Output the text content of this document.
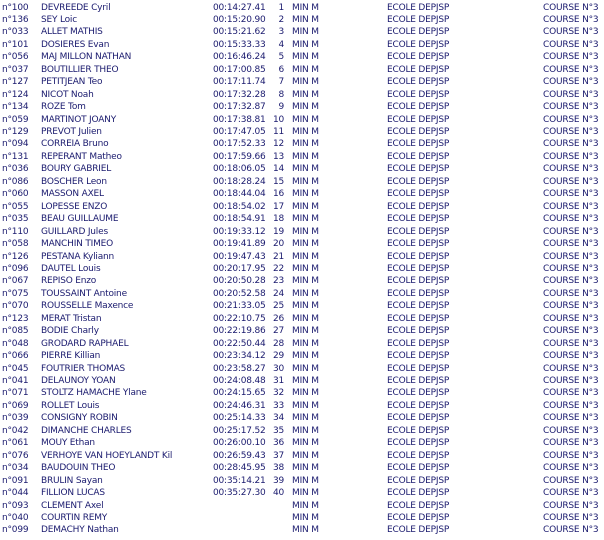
n°100 DEVREEDE Cyril	00:14:27.41	1 MIN M	ECOLE DEPJSP	COURSE N°3
n°136 SEY Loic	00:15:20.90	2 MIN M	ECOLE DEPJSP	COURSE N°3
n°033 ALLET MATHIS	00:15:21.62	3 MIN M	ECOLE DEPJSP	COURSE N°3
n°101 DOSIERES Evan	00:15:33.33	4 MIN M	ECOLE DEPJSP	COURSE N°3
n°056 MAJ MILLON NATHAN	00:16:46.24	5 MIN M	ECOLE DEPJSP	COURSE N°3
n°037 BOUTILLIER THEO	00:17:00.85	6 MIN M	ECOLE DEPJSP	COURSE N°3
n°127 PETITJEAN Teo	00:17:11.74	7 MIN M	ECOLE DEPJSP	COURSE N°3
n°124 NICOT Noah	00:17:32.28	8 MIN M	ECOLE DEPJSP	COURSE N°3
n°134 ROZE Tom	00:17:32.87	9 MIN M	ECOLE DEPJSP	COURSE N°3
n°059 MARTINOT JOANY	00:17:38.81 10 MIN M	ECOLE DEPJSP	COURSE N°3
n°129 PREVOT Julien	00:17:47.05 11 MIN M	ECOLE DEPJSP	COURSE N°3
n°094 CORREIA Bruno	00:17:52.33 12 MIN M	ECOLE DEPJSP	COURSE N°3
n°131 REPERANT Matheo	00:17:59.66 13 MIN M	ECOLE DEPJSP	COURSE N°3
n°036 BOURY GABRIEL	00:18:06.05 14 MIN M	ECOLE DEPJSP	COURSE N°3
n°086 BOSCHER Leon	00:18:28.24 15 MIN M	ECOLE DEPJSP	COURSE N°3
n°060 MASSON AXEL	00:18:44.04 16 MIN M	ECOLE DEPJSP	COURSE N°3
n°055 LOPESSE ENZO	00:18:54.02 17 MIN M	ECOLE DEPJSP	COURSE N°3
n°035 BEAU GUILLAUME	00:18:54.91 18 MIN M	ECOLE DEPJSP	COURSE N°3
n°110 GUILLARD Jules	00:19:33.12 19 MIN M	ECOLE DEPJSP	COURSE N°3
n°058 MANCHIN TIMEO	00:19:41.89 20 MIN M	ECOLE DEPJSP	COURSE N°3
n°126 PESTANA Kyliann	00:19:47.43 21 MIN M	ECOLE DEPJSP	COURSE N°3
n°096 DAUTEL Louis	00:20:17.95 22 MIN M	ECOLE DEPJSP	COURSE N°3
n°067 REPISO Enzo	00:20:50.28 23 MIN M	ECOLE DEPJSP	COURSE N°3
n°075 TOUSSAINT Antoine	00:20:52.58 24 MIN M	ECOLE DEPJSP	COURSE N°3
n°070 ROUSSELLE Maxence	00:21:33.05 25 MIN M	ECOLE DEPJSP	COURSE N°3
n°123 MERAT Tristan	00:22:10.75 26 MIN M	ECOLE DEPJSP	COURSE N°3
n°085 BODIE Charly	00:22:19.86 27 MIN M	ECOLE DEPJSP	COURSE N°3
n°048 GRODARD RAPHAEL	00:22:50.44 28 MIN M	ECOLE DEPJSP	COURSE N°3
n°066 PIERRE Killian	00:23:34.12 29 MIN M	ECOLE DEPJSP	COURSE N°3
n°045 FOUTRIER THOMAS	00:23:58.27 30 MIN M	ECOLE DEPJSP	COURSE N°3
n°041 DELAUNOY YOAN	00:24:08.48 31 MIN M	ECOLE DEPJSP	COURSE N°3
n°071 STOLTZ HAMACHE Ylane	00:24:15.65 32 MIN M	ECOLE DEPJSP	COURSE N°3
n°069 ROLLET Louis	00:24:46.31 33 MIN M	ECOLE DEPJSP	COURSE N°3
n°039 CONSIGNY ROBIN	00:25:14.33 34 MIN M	ECOLE DEPJSP	COURSE N°3
n°042 DIMANCHE CHARLES	00:25:17.52 35 MIN M	ECOLE DEPJSP	COURSE N°3
n°061 MOUY Ethan	00:26:00.10 36 MIN M	ECOLE DEPJSP	COURSE N°3
n°076 VERHOYE VAN HOEYLANDT Kil	00:26:59.43 37 MIN M	ECOLE DEPJSP	COURSE N°3
n°034 BAUDOUIN THEO	00:28:45.95 38 MIN M	ECOLE DEPJSP	COURSE N°3
n°091 BRULIN Sayan	00:35:14.21 39 MIN M	ECOLE DEPJSP	COURSE N°3
n°044 FILLION LUCAS	00:35:27.30 40 MIN M	ECOLE DEPJSP	COURSE N°3
n°093 CLEMENT Axel	MIN M	ECOLE DEPJSP	COURSE N°3
n°040 COURTIN REMY	MIN M	ECOLE DEPJSP	COURSE N°3
n°099 DEMACHY Nathan	MIN M	ECOLE DEPJSP	COURSE N°3
